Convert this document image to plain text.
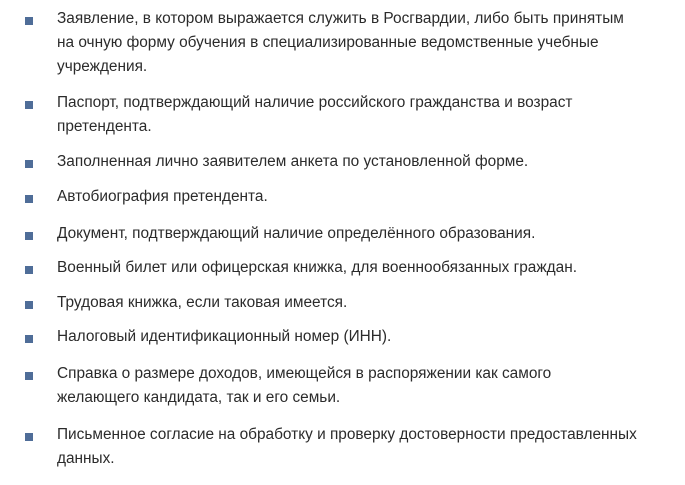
Заявление, в котором выражается служить в Росгвардии, либо быть принятым
на очную форму обучения в специализированные ведомственные учебные
учреждения.
Паспорт, подтверждающий наличие российского гражданства и возраст
претендента.
Заполненная лично заявителем анкета по установленной форме.
Автобиография претендента.
Документ, подтверждающий наличие определённого образования.
Военный билет или офицерская книжка, для военнообязанных граждан.
Трудовая книжка, если таковая имеется.
Налоговый идентификационный номер (ИНН).
Справка о размере доходов, имеющейся в распоряжении как самого
желающего кандидата, так и его семьи.
Письменное согласие на обработку и проверку достоверности предоставленных
данных.
